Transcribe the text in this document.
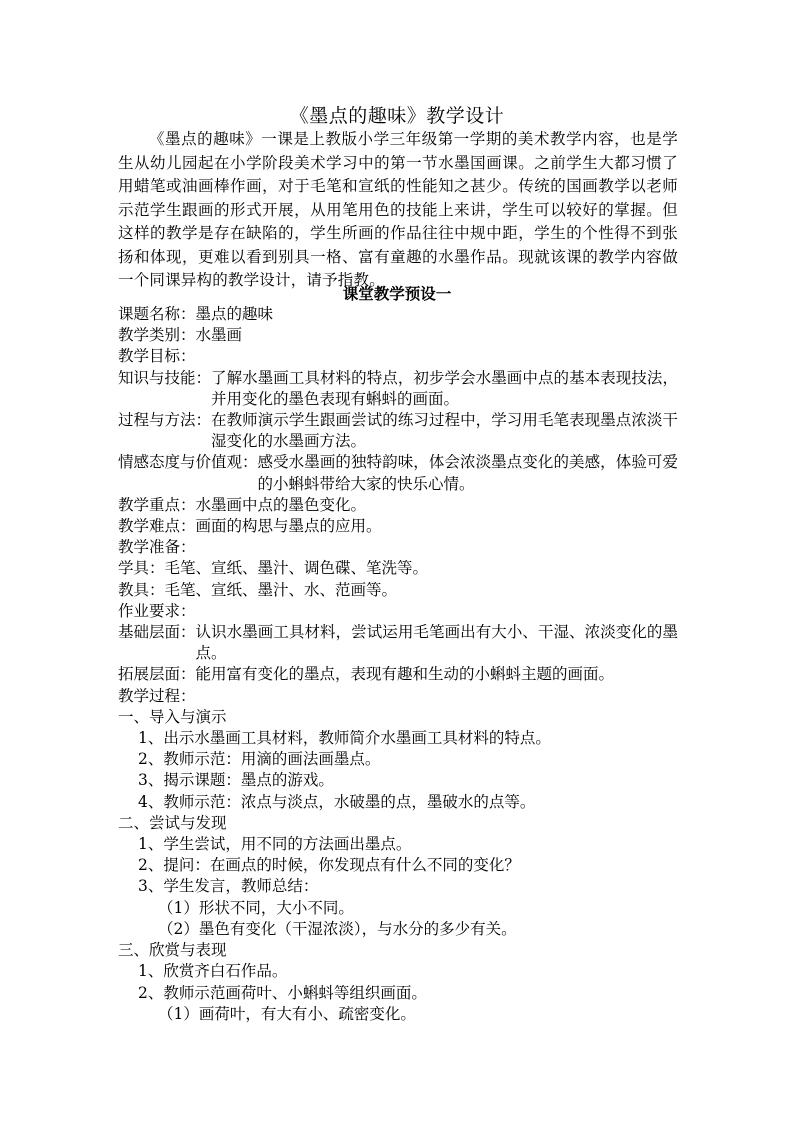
《墨点的趣味》教学设计
《墨点的趣味》一课是上教版小学三年级第一学期的美术教学内容，也是学生从幼儿园起在小学阶段美术学习中的第一节水墨国画课。之前学生大都习惯了用蜡笔或油画棒作画，对于毛笔和宣纸的性能知之甚少。传统的国画教学以老师示范学生跟画的形式开展，从用笔用色的技能上来讲，学生可以较好的掌握。但这样的教学是存在缺陷的，学生所画的作品往往中规中距，学生的个性得不到张扬和体现，更难以看到别具一格、富有童趣的水墨作品。现就该课的教学内容做一个同课异构的教学设计，请予指教。
课堂教学预设一
课题名称：墨点的趣味
教学类别：水墨画
教学目标：
知识与技能： 了解水墨画工具材料的特点，初步学会水墨画中点的基本表现技法，并用变化的墨色表现有蝌蚪的画面。
过程与方法： 在教师演示学生跟画尝试的练习过程中，学习用毛笔表现墨点浓淡干湿变化的水墨画方法。
情感态度与价值观： 感受水墨画的独特韵味，体会浓淡墨点变化的美感，体验可爱的小蝌蚪带给大家的快乐心情。
教学重点：水墨画中点的墨色变化。
教学难点：画面的构思与墨点的应用。
教学准备：
学具：毛笔、宣纸、墨汁、调色碟、笔洗等。
教具：毛笔、宣纸、墨汁、水、范画等。
作业要求：
基础层面： 认识水墨画工具材料，尝试运用毛笔画出有大小、干湿、浓淡变化的墨点。
拓展层面：能用富有变化的墨点，表现有趣和生动的小蝌蚪主题的画面。
教学过程：
一、导入与演示
1、出示水墨画工具材料，教师简介水墨画工具材料的特点。
2、教师示范：用滴的画法画墨点。
3、揭示课题：墨点的游戏。
4、教师示范：浓点与淡点，水破墨的点，墨破水的点等。
二、尝试与发现
1、学生尝试，用不同的方法画出墨点。
2、提问：在画点的时候，你发现点有什么不同的变化？
3、学生发言，教师总结：
（1）形状不同，大小不同。
（2）墨色有变化（干湿浓淡），与水分的多少有关。
三、欣赏与表现
1、欣赏齐白石作品。
2、教师示范画荷叶、小蝌蚪等组织画面。
（1）画荷叶，有大有小、疏密变化。
